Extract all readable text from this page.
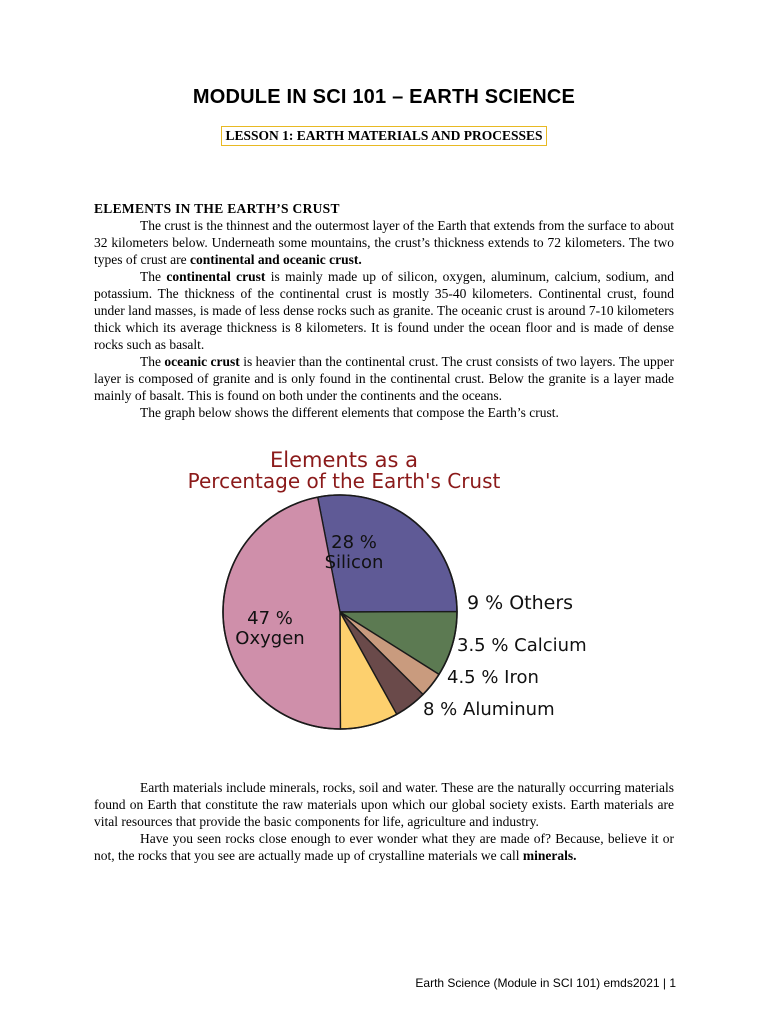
MODULE IN SCI 101 – EARTH SCIENCE
LESSON 1: EARTH MATERIALS AND PROCESSES

ELEMENTS IN THE EARTH’S CRUST

The crust is the thinnest and the outermost layer of the Earth that extends from the surface to about 32 kilometers below. Underneath some mountains, the crust’s thickness extends to 72 kilometers. The two types of crust are continental and oceanic crust.

The continental crust is mainly made up of silicon, oxygen, aluminum, calcium, sodium, and potassium. The thickness of the continental crust is mostly 35-40 kilometers. Continental crust, found under land masses, is made of less dense rocks such as granite. The oceanic crust is around 7-10 kilometers thick which its average thickness is 8 kilometers. It is found under the ocean floor and is made of dense rocks such as basalt.

The oceanic crust is heavier than the continental crust. The crust consists of two layers. The upper layer is composed of granite and is only found in the continental crust. Below the granite is a layer made mainly of basalt. This is found on both under the continents and the oceans.

The graph below shows the different elements that compose the Earth’s crust.

Elements as a
Percentage of the Earth's Crust
28 %
Silicon
9 % Others
3.5 % Calcium
4.5 % Iron
8 % Aluminum
47 %
Oxygen

Earth materials include minerals, rocks, soil and water. These are the naturally occurring materials found on Earth that constitute the raw materials upon which our global society exists. Earth materials are vital resources that provide the basic components for life, agriculture and industry.

Have you seen rocks close enough to ever wonder what they are made of? Because, believe it or not, the rocks that you see are actually made up of crystalline materials we call minerals.

Earth Science (Module in SCI 101) emds2021 | 1
